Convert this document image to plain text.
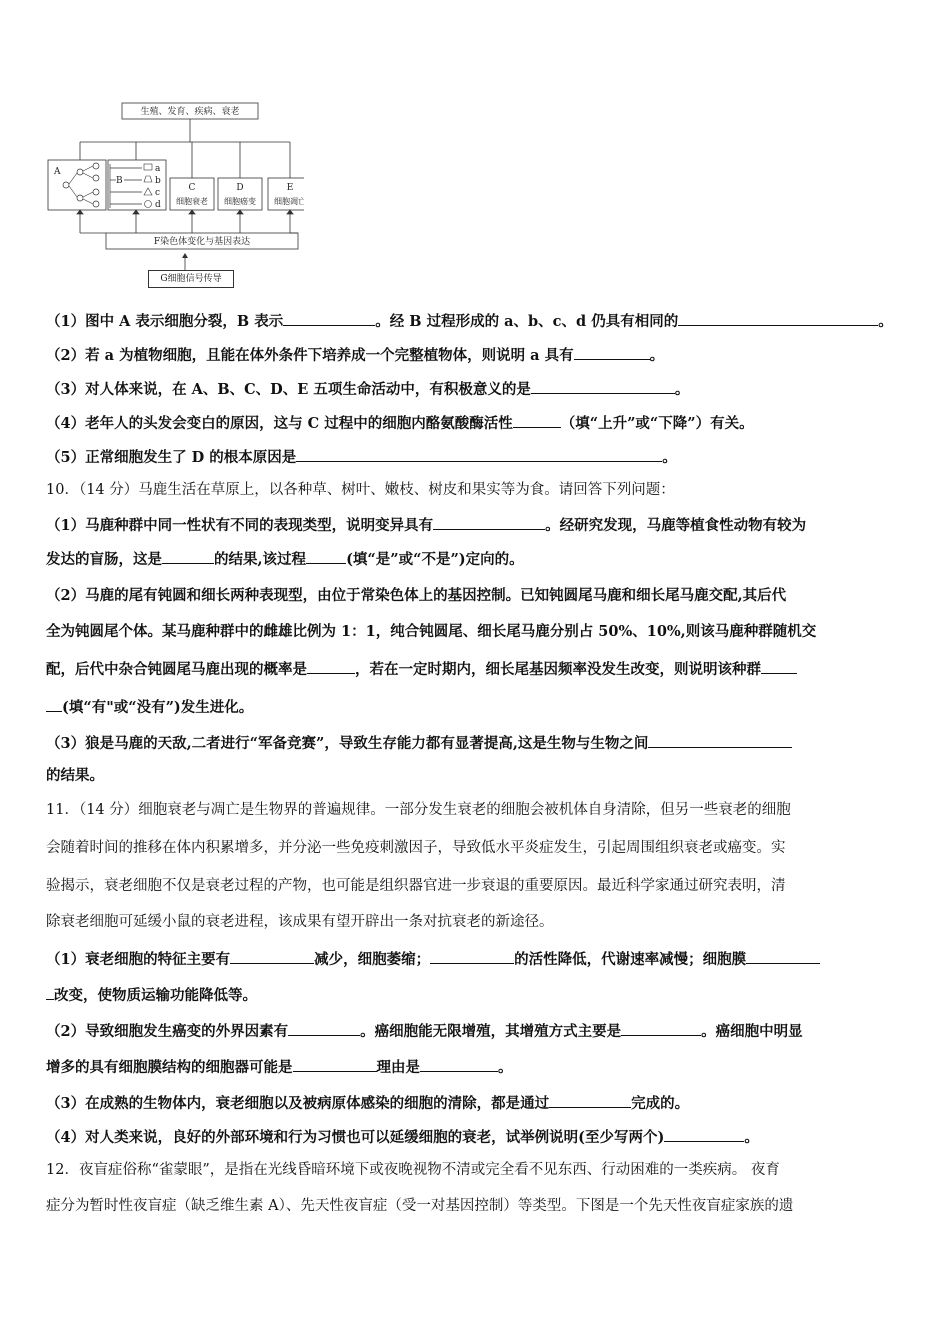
生殖、发育、疾病、衰老
A
B
a
b
c
d
C
细胞衰老
D
细胞癌变
E
细胞凋亡
F染色体变化与基因表达
G细胞信号传导
（1）图中 A 表示细胞分裂，B 表示	。经 B 过程形成的 a、b、c、d 仍具有相同的	。
（2）若 a 为植物细胞，且能在体外条件下培养成一个完整植物体，则说明 a 具有	。
（3）对人体来说，在 A、B、C、D、E 五项生命活动中，有积极意义的是	。
（4）老年人的头发会变白的原因，这与 C 过程中的细胞内酪氨酸酶活性	（填“上升”或“下降”）有关。
（5）正常细胞发生了 D 的根本原因是	。
10．（14 分）马鹿生活在草原上，以各种草、树叶、嫩枝、树皮和果实等为食。请回答下列问题：
（1）马鹿种群中同一性状有不同的表现类型，说明变异具有	。经研究发现，马鹿等植食性动物有较为
发达的盲肠，这是	的结果,该过程	(填“是”或“不是”)定向的。
（2）马鹿的尾有钝圆和细长两种表现型，由位于常染色体上的基因控制。已知钝圆尾马鹿和细长尾马鹿交配,其后代
全为钝圆尾个体。某马鹿种群中的雌雄比例为 1：1，纯合钝圆尾、细长尾马鹿分别占 50%、10%,则该马鹿种群随机交
配，后代中杂合钝圆尾马鹿出现的概率是	，若在一定时期内，细长尾基因频率没发生改变，则说明该种群
(填“有"或“没有”)发生进化。
（3）狼是马鹿的天敌,二者进行“军备竞赛”，导致生存能力都有显著提高,这是生物与生物之间
的结果。
11．（14 分）细胞衰老与凋亡是生物界的普遍规律。一部分发生衰老的细胞会被机体自身清除，但另一些衰老的细胞
会随着时间的推移在体内积累增多，并分泌一些免疫刺激因子，导致低水平炎症发生，引起周围组织衰老或癌变。实
验揭示，衰老细胞不仅是衰老过程的产物，也可能是组织器官进一步衰退的重要原因。最近科学家通过研究表明，清
除衰老细胞可延缓小鼠的衰老进程，该成果有望开辟出一条对抗衰老的新途径。
（1）衰老细胞的特征主要有	减少，细胞萎缩；	的活性降低，代谢速率减慢；细胞膜
改变，使物质运输功能降低等。
（2）导致细胞发生癌变的外界因素有	。癌细胞能无限增殖，其增殖方式主要是	。癌细胞中明显
增多的具有细胞膜结构的细胞器可能是	理由是	。
（3）在成熟的生物体内，衰老细胞以及被病原体感染的细胞的清除，都是通过	完成的。
（4）对人类来说，良好的外部环境和行为习惯也可以延缓细胞的衰老，试举例说明(至少写两个)	。
12．夜盲症俗称“雀蒙眼”，是指在光线昏暗环境下或夜晚视物不清或完全看不见东西、行动困难的一类疾病。 夜育
症分为暂时性夜盲症（缺乏维生素 A）、先天性夜盲症（受一对基因控制）等类型。下图是一个先天性夜盲症家族的遗
